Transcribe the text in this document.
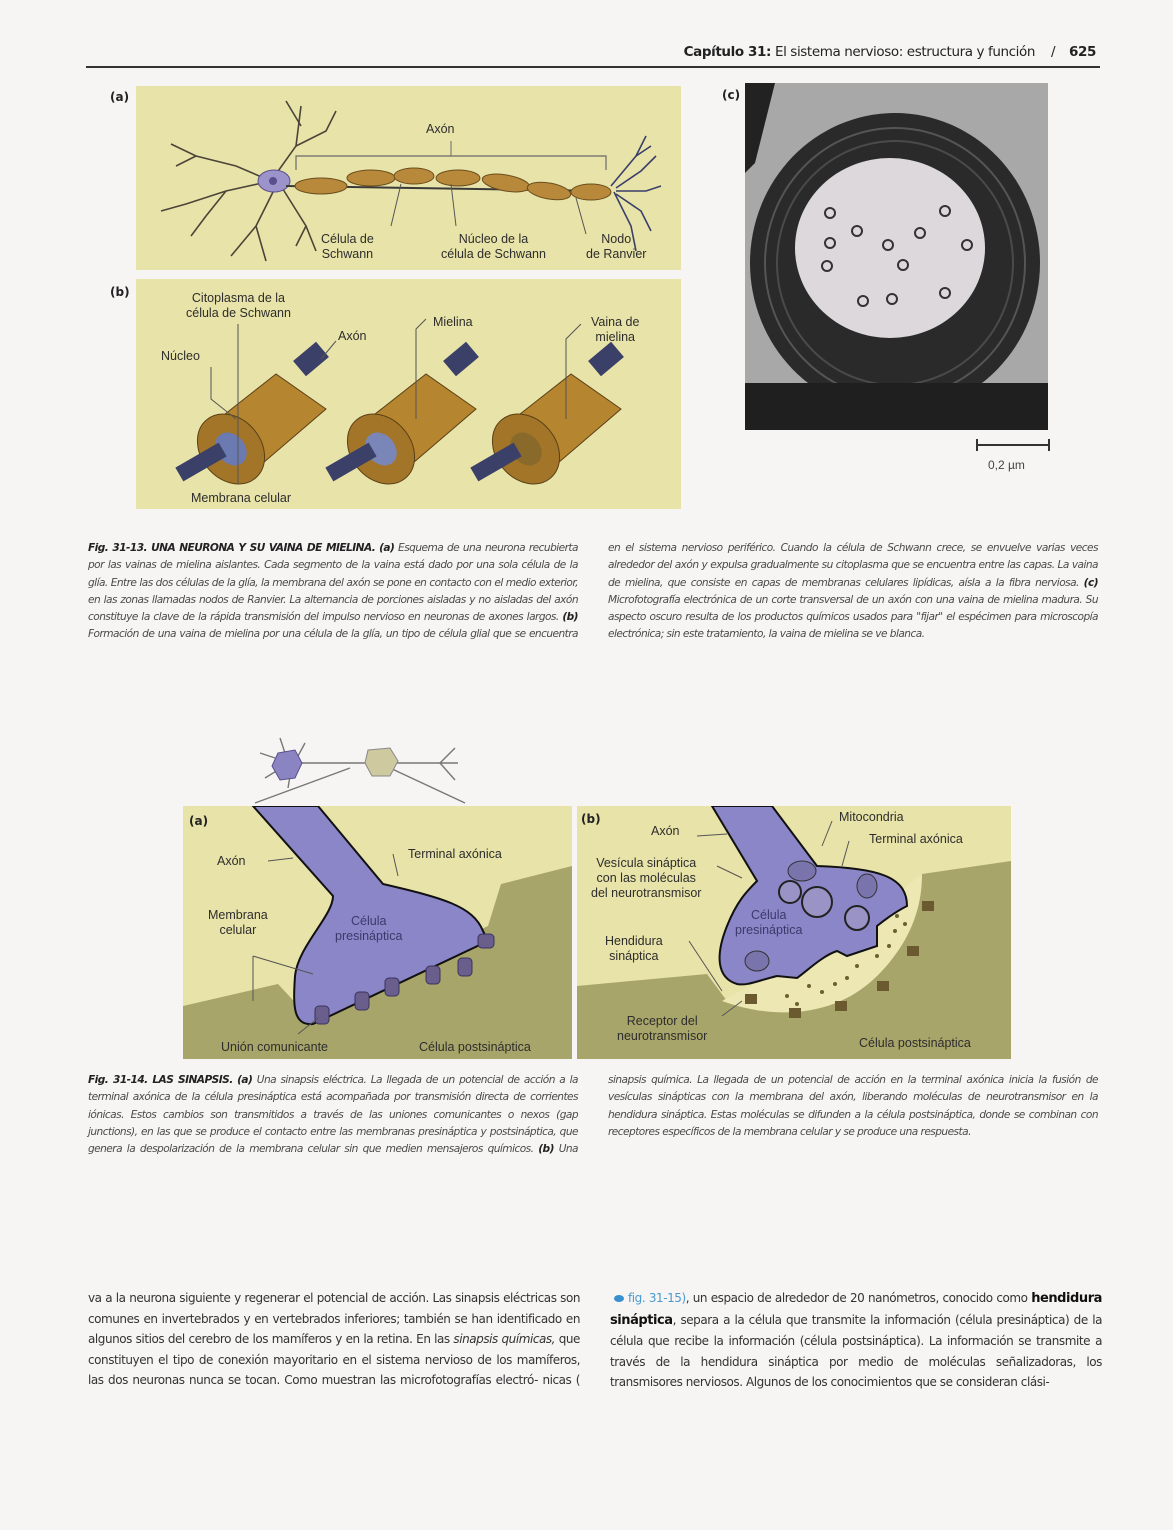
Capítulo 31: El sistema nervioso: estructura y función / 625
(a)
Axón
Célula de
Schwann
Núcleo de la
célula de Schwann
Nodo
de Ranvier
(b)	Citoplasma de la
célula de Schwann
Axón
Núcleo
Mielina	Vaina de
mielina
Membrana celular
(c)
0,2 µm
Fig. 31-13. UNA NEURONA Y SU VAINA DE MIELINA. (a) Esquema de una neurona recubierta por las vainas de mielina aislantes. Cada segmento de la vaina está dado por una sola célula de la glía. Entre las dos células de la glía, la membrana del axón se pone en contacto con el medio exterior, en las zonas llamadas nodos de Ranvier. La alternancia de porciones aisladas y no aisladas del axón constituye la clave de la rápida transmisión del impulso nervioso en neuronas de axones largos. (b) Formación de una vaina de mielina por una célula de la glía, un tipo de célula glial que se encuentra en el sistema nervioso periférico. Cuando la célula de Schwann crece, se envuelve varias veces alrededor del axón y expulsa gradualmente su citoplasma que se encuentra entre las capas. La vaina de mielina, que consiste en capas de membranas celulares lipídicas, aísla a la fibra nerviosa. (c) Microfotografía electrónica de un corte transversal de un axón con una vaina de mielina madura. Su aspecto oscuro resulta de los productos químicos usados para "fijar" el espécimen para microscopía electrónica; sin este tratamiento, la vaina de mielina se ve blanca.
(a)
Axón	Terminal axónica
Membrana
celular
Célula
presináptica
Unión comunicante	Célula postsináptica
(b)
Axón
Mitocondria
Terminal axónica
Vesícula sináptica
con las moléculas
del neurotransmisor
Célula
presináptica
Hendidura
sináptica
Receptor del
neurotransmisor	Célula postsináptica
Fig. 31-14. LAS SINAPSIS. (a) Una sinapsis eléctrica. La llegada de un potencial de acción a la terminal axónica de la célula presináptica está acompañada por transmisión directa de corrientes iónicas. Estos cambios son transmitidos a través de las uniones comunicantes o nexos (gap junctions), en las que se produce el contacto entre las membranas presináptica y postsináptica, que genera la despolarización de la membrana celular sin que medien mensajeros químicos. (b) Una sinapsis química. La llegada de un potencial de acción en la terminal axónica inicia la fusión de vesículas sinápticas con la membrana del axón, liberando moléculas de neurotransmisor en la hendidura sináptica. Estas moléculas se difunden a la célula postsináptica, donde se combinan con receptores específicos de la membrana celular y se produce una respuesta.
va a la neurona siguiente y regenerar el potencial de acción. Las sinapsis eléctricas son comunes en invertebrados y en vertebrados inferiores; también se han identificado en algunos sitios del cerebro de los mamíferos y en la retina. En las sinapsis químicas, que constituyen el tipo de conexión mayoritario en el sistema nervioso de los mamíferos, las dos neuronas nunca se tocan. Como muestran las microfotografías electró- nicas (fig. 31-15), un espacio de alrededor de 20 nanómetros, conocido como hendidura sináptica, separa a la célula que transmite la información (célula presináptica) de la célula que recibe la información (célula postsináptica). La información se transmite a través de la hendidura sináptica por medio de moléculas señalizadoras, los transmisores nerviosos. Algunos de los conocimientos que se consideran clási-
